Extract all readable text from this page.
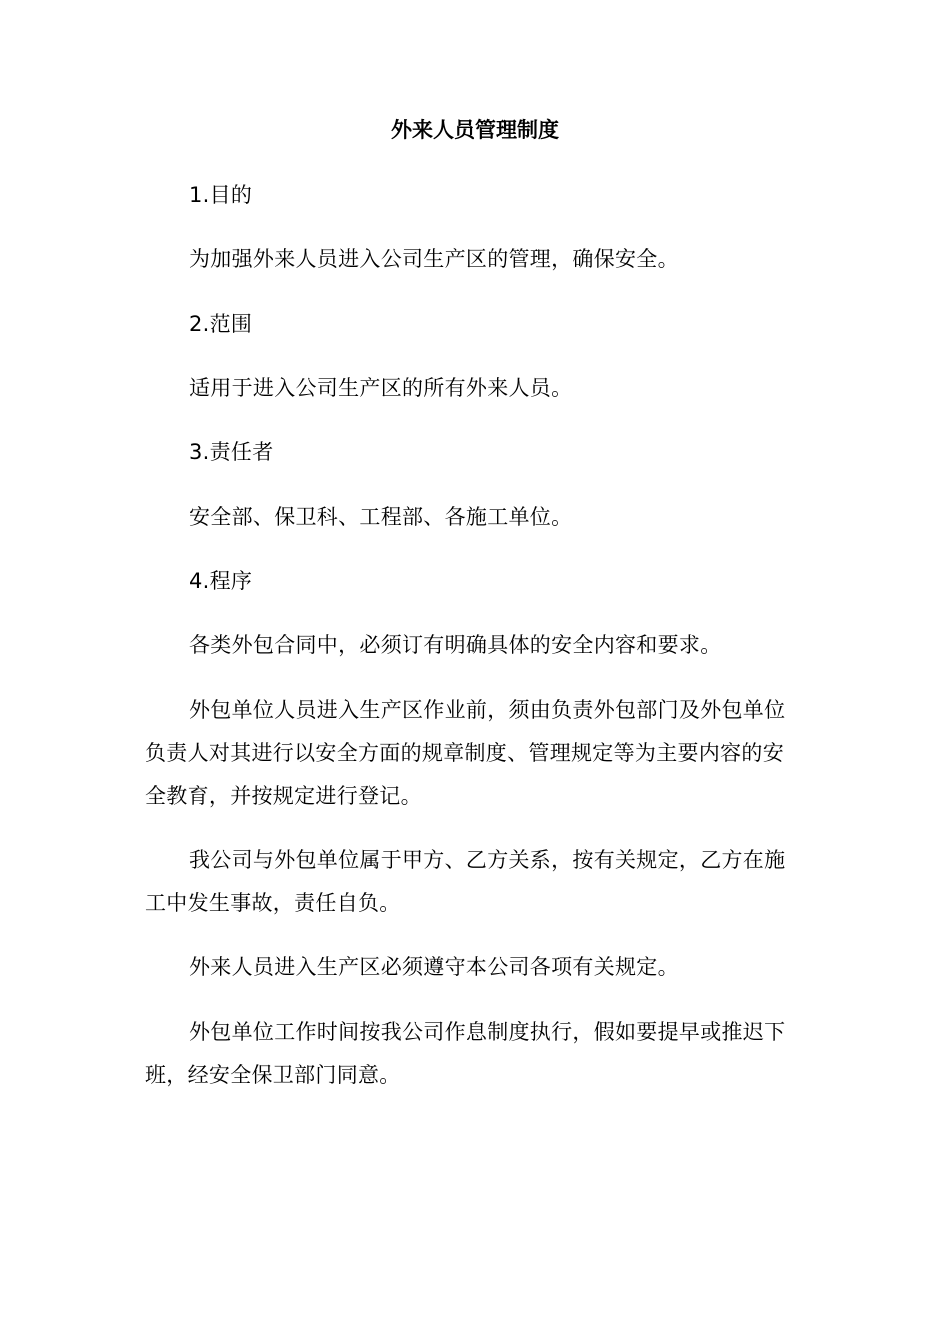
外来人员管理制度
1.目的
为加强外来人员进入公司生产区的管理，确保安全。
2.范围
适用于进入公司生产区的所有外来人员。
3.责任者
安全部、保卫科、工程部、各施工单位。
4.程序
各类外包合同中，必须订有明确具体的安全内容和要求。
外包单位人员进入生产区作业前，须由负责外包部门及外包单位负责人对其进行以安全方面的规章制度、管理规定等为主要内容的安全教育，并按规定进行登记。
我公司与外包单位属于甲方、乙方关系，按有关规定，乙方在施工中发生事故，责任自负。
外来人员进入生产区必须遵守本公司各项有关规定。
外包单位工作时间按我公司作息制度执行，假如要提早或推迟下班，经安全保卫部门同意。
